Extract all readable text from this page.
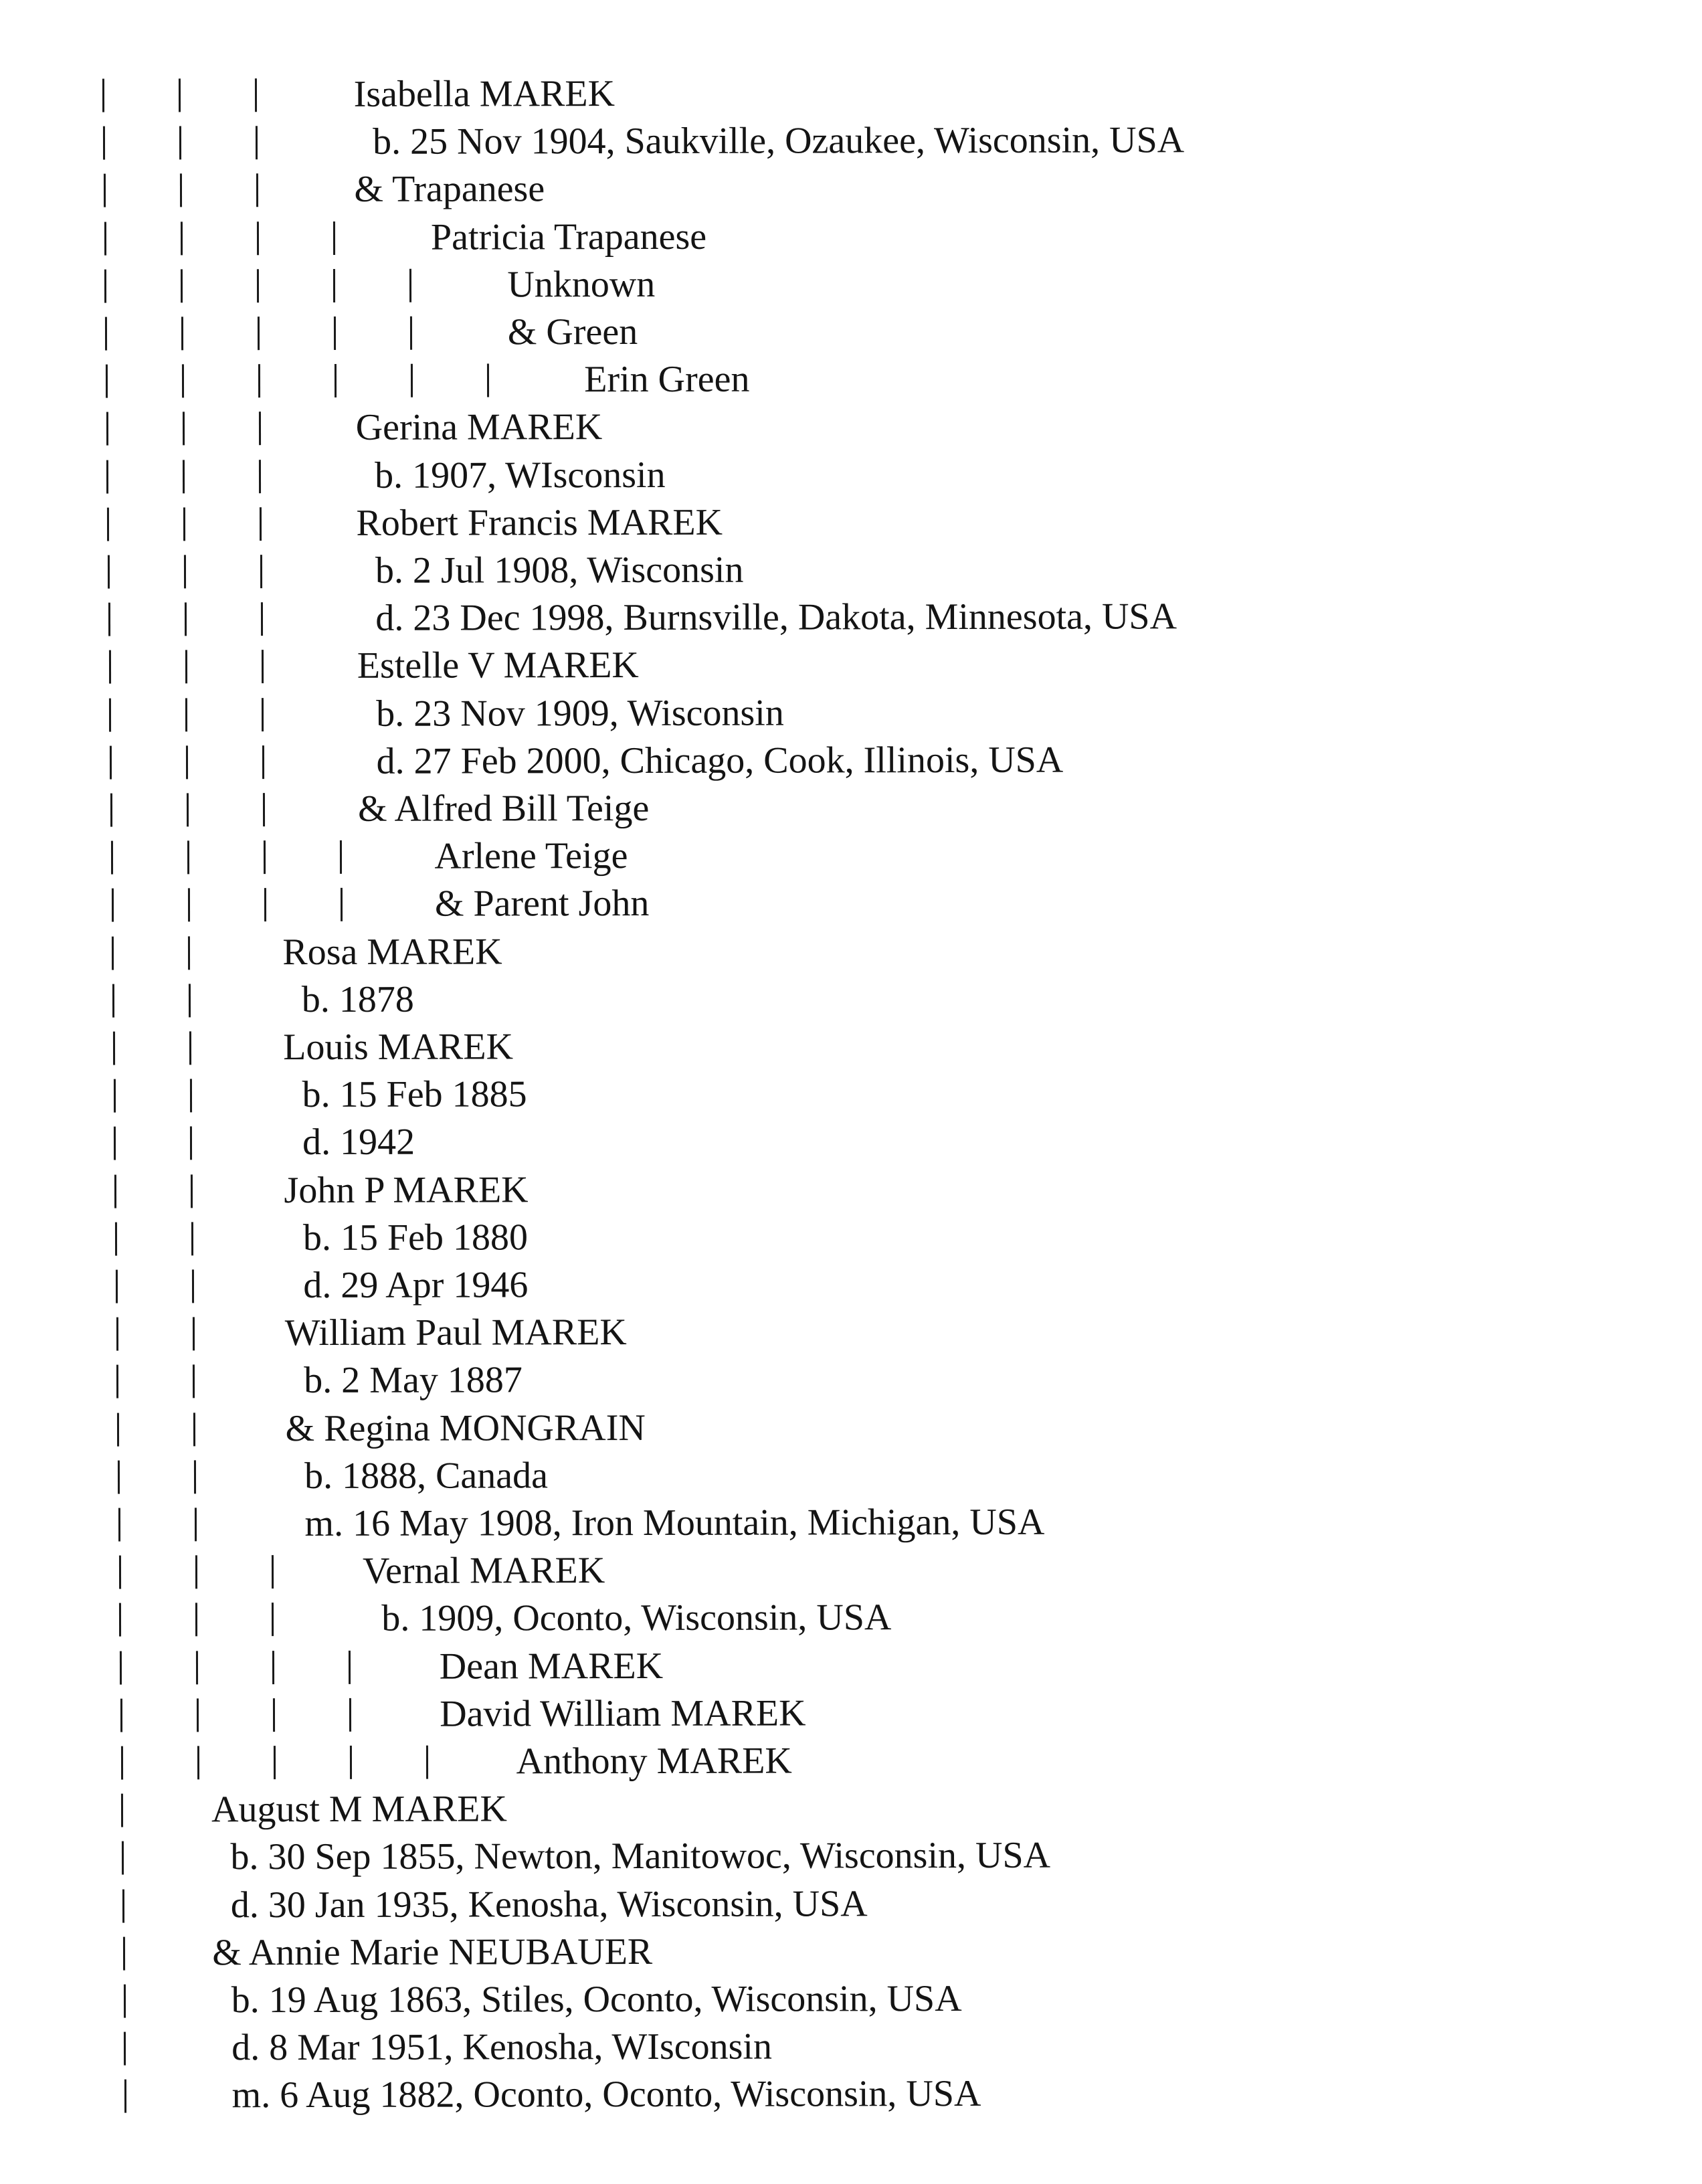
Isabella MAREK
b. 25 Nov 1904, Saukville, Ozaukee, Wisconsin, USA
& Trapanese
Patricia Trapanese
Unknown
& Green
Erin Green
Gerina MAREK
b. 1907, WIsconsin
Robert Francis MAREK
b. 2 Jul 1908, Wisconsin
d. 23 Dec 1998, Burnsville, Dakota, Minnesota, USA
Estelle V MAREK
b. 23 Nov 1909, Wisconsin
d. 27 Feb 2000, Chicago, Cook, Illinois, USA
& Alfred Bill Teige
Arlene Teige
& Parent John
Rosa MAREK
b. 1878
Louis MAREK
b. 15 Feb 1885
d. 1942
John P MAREK
b. 15 Feb 1880
d. 29 Apr 1946
William Paul MAREK
b. 2 May 1887
& Regina MONGRAIN
b. 1888, Canada
m. 16 May 1908, Iron Mountain, Michigan, USA
Vernal MAREK
b. 1909, Oconto, Wisconsin, USA
Dean MAREK
David William MAREK
Anthony MAREK
August M MAREK
b. 30 Sep 1855, Newton, Manitowoc, Wisconsin, USA
d. 30 Jan 1935, Kenosha, Wisconsin, USA
& Annie Marie NEUBAUER
b. 19 Aug 1863, Stiles, Oconto, Wisconsin, USA
d. 8 Mar 1951, Kenosha, WIsconsin
m. 6 Aug 1882, Oconto, Oconto, Wisconsin, USA
